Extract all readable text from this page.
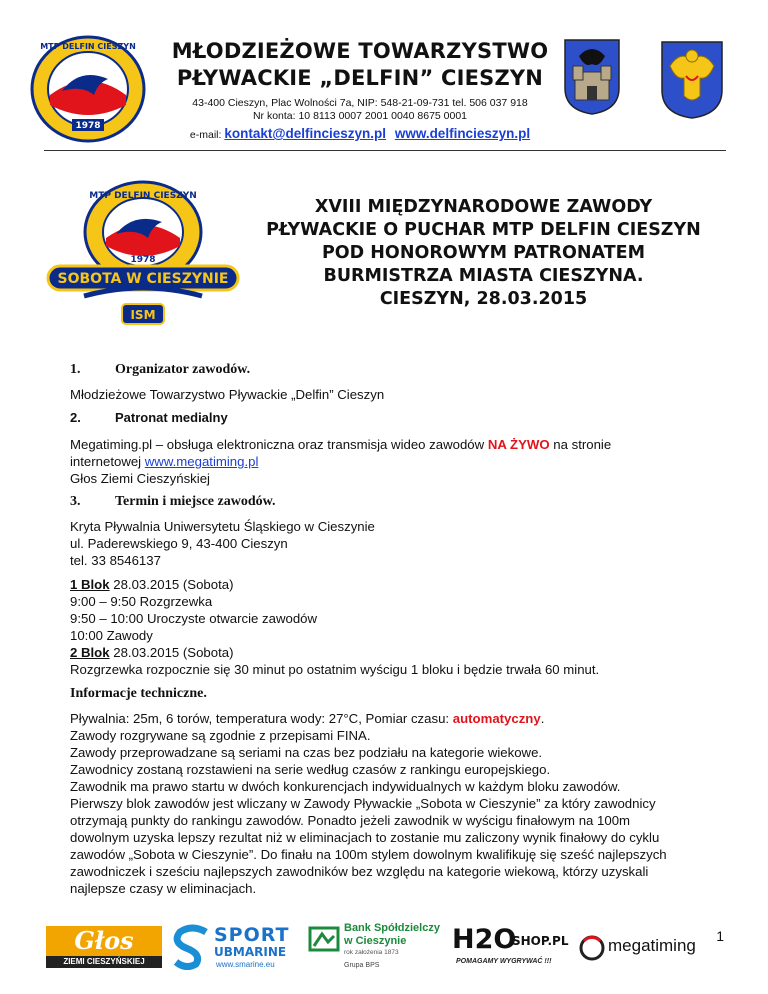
1978
MTP DELFIN CIESZYN	MŁODZIEŻOWE TOWARZYSTWO
PŁYWACKIE „DELFIN” CIESZYN
43-400 Cieszyn, Plac Wolności 7a, NIP: 548-21-09-731 tel. 506 037 918
Nr konta: 10 8113 0007 2001 0040 8675 0001
e-mail: kontakt@delfincieszyn.pl www.delfincieszyn.pl
MTP DELFIN CIESZYN
1978
SOBOTA W CIESZYNIE
ISM
XVIII MIĘDZYNARODOWE ZAWODY
PŁYWACKIE O PUCHAR MTP DELFIN CIESZYN
POD HONOROWYM PATRONATEM
BURMISTRZA MIASTA CIESZYNA.
CIESZYN, 28.03.2015
1. Organizator zawodów.
Młodzieżowe Towarzystwo Pływackie „Delfin” Cieszyn
2.	Patronat medialny
Megatiming.pl – obsługa elektroniczna oraz transmisja wideo zawodów NA ŻYWO na stronie
internetowej www.megatiming.pl
Głos Ziemi Cieszyńskiej
3. Termin i miejsce zawodów.
Kryta Pływalnia Uniwersytetu Śląskiego w Cieszynie
ul. Paderewskiego 9, 43-400 Cieszyn
tel. 33 8546137
1 Blok 28.03.2015 (Sobota)
9:00 – 9:50 Rozgrzewka
9:50 – 10:00 Uroczyste otwarcie zawodów
10:00 Zawody
2 Blok 28.03.2015 (Sobota)
Rozgrzewka rozpocznie się 30 minut po ostatnim wyścigu 1 bloku i będzie trwała 60 minut.
Informacje techniczne.
Pływalnia: 25m, 6 torów, temperatura wody: 27°C, Pomiar czasu: automatyczny.
Zawody rozgrywane są zgodnie z przepisami FINA.
Zawody przeprowadzane są seriami na czas bez podziału na kategorie wiekowe.
Zawodnicy zostaną rozstawieni na serie według czasów z rankingu europejskiego.
Zawodnik ma prawo startu w dwóch konkurencjach indywidualnych w każdym bloku zawodów.
Pierwszy blok zawodów jest wliczany w Zawody Pływackie „Sobota w Cieszynie” za który zawodnicy
otrzymają punkty do rankingu zawodów. Ponadto jeżeli zawodnik w wyścigu finałowym na 100m
dowolnym uzyska lepszy rezultat niż w eliminacjach to zostanie mu zaliczony wynik finałowy do cyklu
zawodów „Sobota w Cieszynie”. Do finału na 100m stylem dowolnym kwalifikuję się sześć najlepszych
zawodniczek i sześciu najlepszych zawodników bez względu na kategorie wiekową, którzy uzyskali
najlepsze czasy w eliminacjach.
Głos
ZIEMI CIESZYŃSKIEJ
SPORT
UBMARINE
www.smarine.eu
Bank Spółdzielczy
w Cieszynie
rok założenia 1873
Grupa BPS
H2O
SHOP.PL
POMAGAMY WYGRYWAĆ !!!
megatiming 1
